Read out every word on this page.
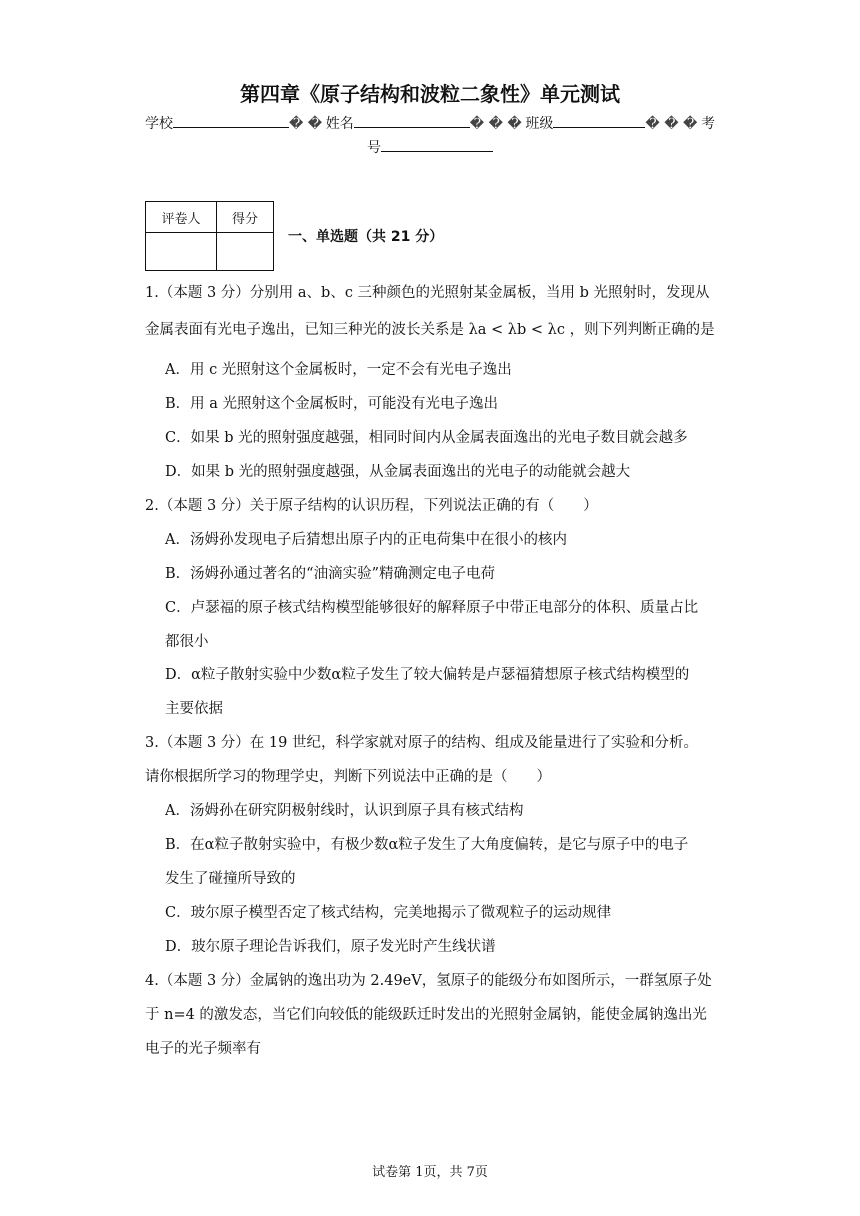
第四章《原子结构和波粒二象性》单元测试
学校	� � 姓名	� � � 班级	� � � 考
号
评卷人	得分

一、单选题（共 21 分）
1.（本题 3 分）分别用 a、b、c 三种颜色的光照射某金属板，当用 b 光照射时，发现从
金属表面有光电子逸出，已知三种光的波长关系是 λa < λb < λc ，则下列判断正确的是
A．用 c 光照射这个金属板时，一定不会有光电子逸出
B．用 a 光照射这个金属板时，可能没有光电子逸出
C．如果 b 光的照射强度越强，相同时间内从金属表面逸出的光电子数目就会越多
D．如果 b 光的照射强度越强，从金属表面逸出的光电子的动能就会越大
2.（本题 3 分）关于原子结构的认识历程，下列说法正确的有（　　）
A．汤姆孙发现电子后猜想出原子内的正电荷集中在很小的核内
B．汤姆孙通过著名的“油滴实验”精确测定电子电荷
C．卢瑟福的原子核式结构模型能够很好的解释原子中带正电部分的体积、质量占比
都很小
D．α粒子散射实验中少数α粒子发生了较大偏转是卢瑟福猜想原子核式结构模型的
主要依据
3.（本题 3 分）在 19 世纪，科学家就对原子的结构、组成及能量进行了实验和分析。
请你根据所学习的物理学史，判断下列说法中正确的是（　　）
A．汤姆孙在研究阴极射线时，认识到原子具有核式结构
B．在α粒子散射实验中，有极少数α粒子发生了大角度偏转，是它与原子中的电子
发生了碰撞所导致的
C．玻尔原子模型否定了核式结构，完美地揭示了微观粒子的运动规律
D．玻尔原子理论告诉我们，原子发光时产生线状谱
4.（本题 3 分）金属钠的逸出功为 2.49eV，氢原子的能级分布如图所示，一群氢原子处
于 n=4 的激发态，当它们向较低的能级跃迁时发出的光照射金属钠，能使金属钠逸出光
电子的光子频率有
试卷第 1页，共 7页
